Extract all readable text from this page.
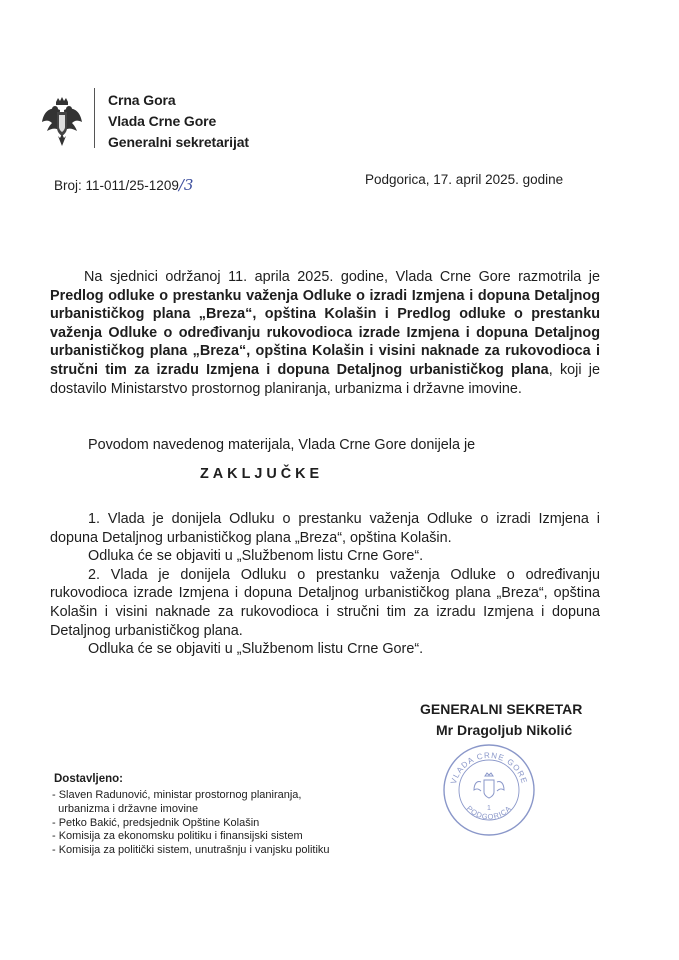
Crna Gora
Vlada Crne Gore
Generalni sekretarijat
Broj: 11-011/25-1209/3	Podgorica, 17. april 2025. godine

Na sjednici održanoj 11. aprila 2025. godine, Vlada Crne Gore razmotrila je Predlog odluke o prestanku važenja Odluke o izradi Izmjena i dopuna Detaljnog urbanističkog plana „Breza“, opština Kolašin i Predlog odluke o prestanku važenja Odluke o određivanju rukovodioca izrade Izmjena i dopuna Detaljnog urbanističkog plana „Breza“, opština Kolašin i visini naknade za rukovodioca i stručni tim za izradu Izmjena i dopuna Detaljnog urbanističkog plana, koji je dostavilo Ministarstvo prostornog planiranja, urbanizma i državne imovine.

Povodom navedenog materijala, Vlada Crne Gore donijela je
ZAKLJUČKE

1. Vlada je donijela Odluku o prestanku važenja Odluke o izradi Izmjena i dopuna Detaljnog urbanističkog plana „Breza“, opština Kolašin.

Odluka će se objaviti u „Službenom listu Crne Gore“.

2. Vlada je donijela Odluku o prestanku važenja Odluke o određivanju rukovodioca izrade Izmjena i dopuna Detaljnog urbanističkog plana „Breza“, opština Kolašin i visini naknade za rukovodioca i stručni tim za izradu Izmjena i dopuna Detaljnog urbanističkog plana.

Odluka će se objaviti u „Službenom listu Crne Gore“.

GENERALNI SEKRETAR
Mr Dragoljub Nikolić
VLADA CRNE GORE
PODGORICA
1
Dostavljeno:
- Slaven Radunović, ministar prostornog planiranja,
urbanizma i državne imovine
- Petko Bakić, predsjednik Opštine Kolašin
- Komisija za ekonomsku politiku i finansijski sistem
- Komisija za politički sistem, unutrašnju i vanjsku politiku
